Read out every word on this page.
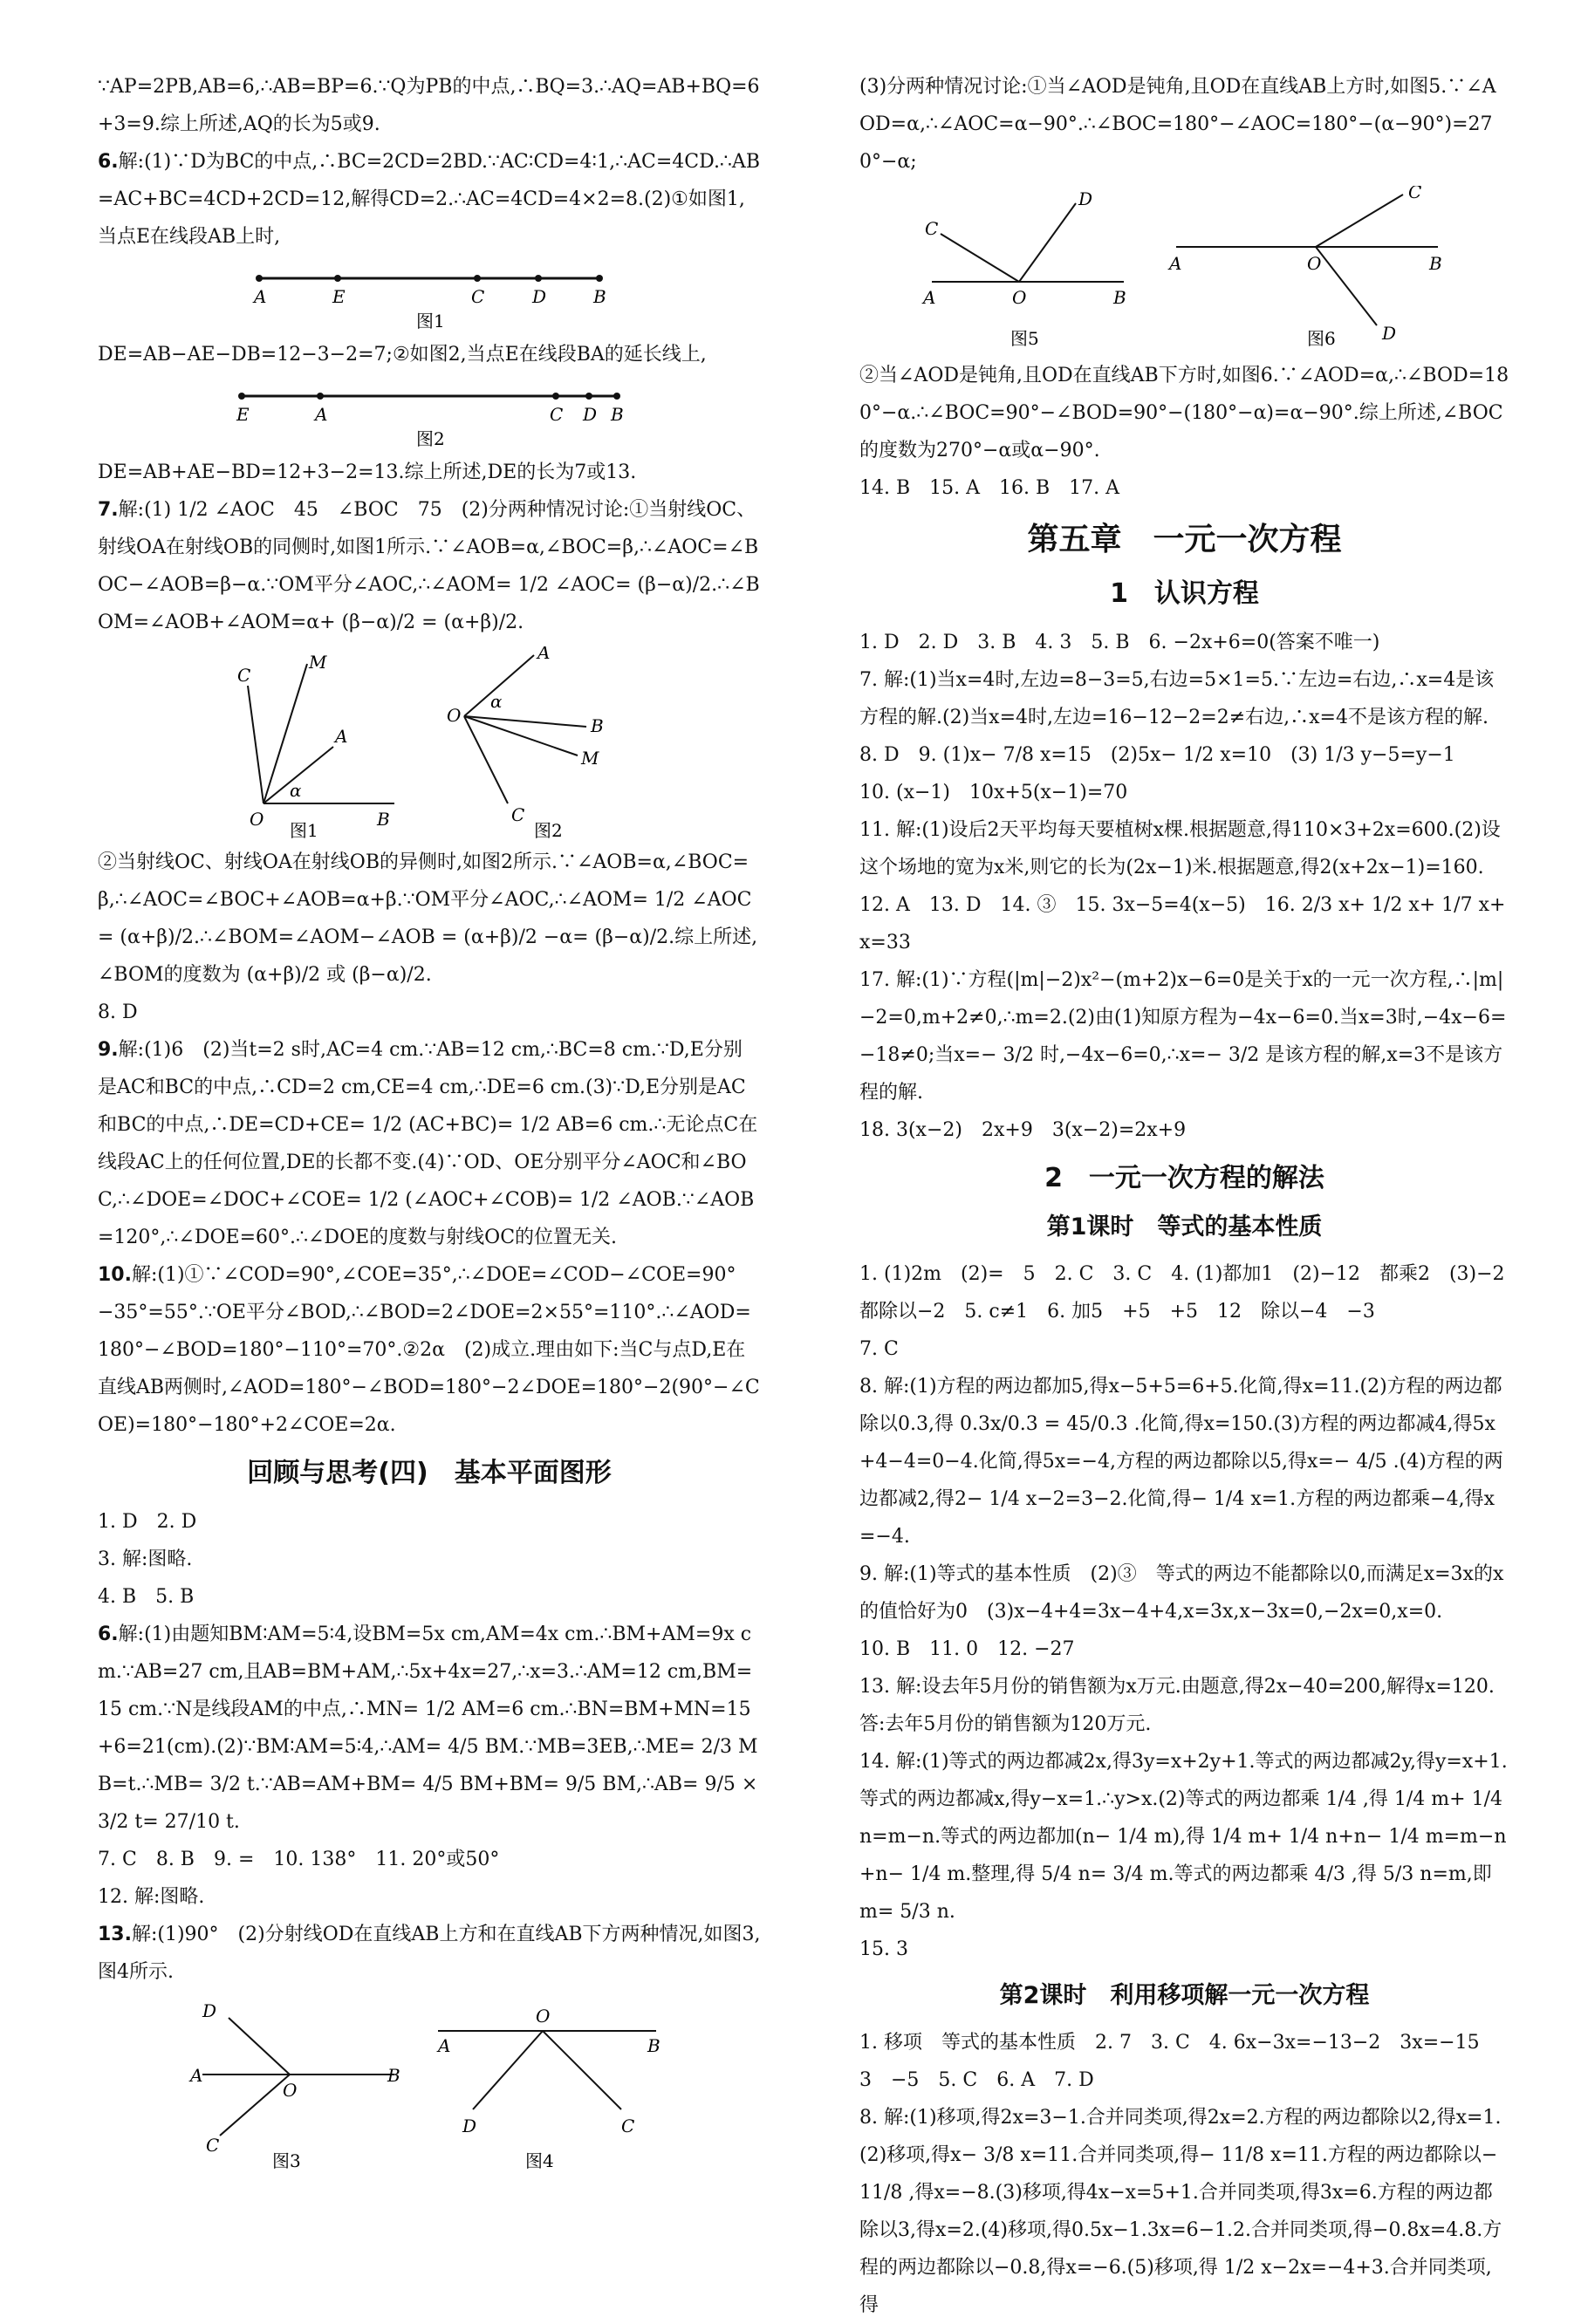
∵AP=2PB,AB=6,∴AB=BP=6.∵Q为PB的中点,∴BQ=3.∴AQ=AB+BQ=6+3=9.综上所述,AQ的长为5或9.

6.解:(1)∵D为BC的中点,∴BC=2CD=2BD.∵AC∶CD=4∶1,∴AC=4CD.∴AB=AC+BC=4CD+2CD=12,解得CD=2.∴AC=4CD=4×2=8.(2)①如图1,当点E在线段AB上时,

A	E	C	D	B
图1

DE=AB−AE−DB=12−3−2=7;②如图2,当点E在线段BA的延长线上,

E	A	C D B
图2

DE=AB+AE−BD=12+3−2=13.综上所述,DE的长为7或13.

7.解:(1) 1/2 ∠AOC　45　∠BOC　75　(2)分两种情况讨论:①当射线OC、射线OA在射线OB的同侧时,如图1所示.∵∠AOB=α,∠BOC=β,∴∠AOC=∠BOC−∠AOB=β−α.∵OM平分∠AOC,∴∠AOM= 1/2 ∠AOC= (β−α)/2.∴∠BOM=∠AOB+∠AOM=α+ (β−α)/2 = (α+β)/2.

O	B
A
M
C
α
图1
O
A
B
M
C
α
图2

②当射线OC、射线OA在射线OB的异侧时,如图2所示.∵∠AOB=α,∠BOC=β,∴∠AOC=∠BOC+∠AOB=α+β.∵OM平分∠AOC,∴∠AOM= 1/2 ∠AOC= (α+β)/2.∴∠BOM=∠AOM−∠AOB = (α+β)/2 −α= (β−α)/2.综上所述,∠BOM的度数为 (α+β)/2 或 (β−α)/2.

8. D

9.解:(1)6　(2)当t=2 s时,AC=4 cm.∵AB=12 cm,∴BC=8 cm.∵D,E分别是AC和BC的中点,∴CD=2 cm,CE=4 cm,∴DE=6 cm.(3)∵D,E分别是AC和BC的中点,∴DE=CD+CE= 1/2 (AC+BC)= 1/2 AB=6 cm.∴无论点C在线段AC上的任何位置,DE的长都不变.(4)∵OD、OE分别平分∠AOC和∠BOC,∴∠DOE=∠DOC+∠COE= 1/2 (∠AOC+∠COB)= 1/2 ∠AOB.∵∠AOB=120°,∴∠DOE=60°.∴∠DOE的度数与射线OC的位置无关.

10.解:(1)①∵∠COD=90°,∠COE=35°,∴∠DOE=∠COD−∠COE=90°−35°=55°.∵OE平分∠BOD,∴∠BOD=2∠DOE=2×55°=110°.∴∠AOD=180°−∠BOD=180°−110°=70°.②2α　(2)成立.理由如下:当C与点D,E在直线AB两侧时,∠AOD=180°−∠BOD=180°−2∠DOE=180°−2(90°−∠COE)=180°−180°+2∠COE=2α.

回顾与思考(四)　基本平面图形

1. D　2. D

3. 解:图略.

4. B　5. B

6.解:(1)由题知BM∶AM=5∶4,设BM=5x cm,AM=4x cm.∴BM+AM=9x cm.∵AB=27 cm,且AB=BM+AM,∴5x+4x=27,∴x=3.∴AM=12 cm,BM=15 cm.∵N是线段AM的中点,∴MN= 1/2 AM=6 cm.∴BN=BM+MN=15+6=21(cm).(2)∵BM∶AM=5∶4,∴AM= 4/5 BM.∵MB=3EB,∴ME= 2/3 MB=t.∴MB= 3/2 t.∵AB=AM+BM= 4/5 BM+BM= 9/5 BM,∴AB= 9/5 × 3/2 t= 27/10 t.

7. C　8. B　9. =　10. 138°　11. 20°或50°

12. 解:图略.

13.解:(1)90°　(2)分射线OD在直线AB上方和在直线AB下方两种情况,如图3,图4所示.

D
A
O
B
C
图3
O
A	B
D	C
图4

(3)分两种情况讨论:①当∠AOD是钝角,且OD在直线AB上方时,如图5.∵∠AOD=α,∴∠AOC=α−90°.∴∠BOC=180°−∠AOC=180°−(α−90°)=270°−α;

A	O	B
D
C
图5
A	O	B
C
D
图6

②当∠AOD是钝角,且OD在直线AB下方时,如图6.∵∠AOD=α,∴∠BOD=180°−α.∴∠BOC=90°−∠BOD=90°−(180°−α)=α−90°.综上所述,∠BOC的度数为270°−α或α−90°.

14. B　15. A　16. B　17. A

第五章　一元一次方程
1　认识方程

1. D　2. D　3. B　4. 3　5. B　6. −2x+6=0(答案不唯一)

7. 解:(1)当x=4时,左边=8−3=5,右边=5×1=5.∵左边=右边,∴x=4是该方程的解.(2)当x=4时,左边=16−12−2=2≠右边,∴x=4不是该方程的解.

8. D　9. (1)x− 7/8 x=15　(2)5x− 1/2 x=10　(3) 1/3 y−5=y−1

10. (x−1)　10x+5(x−1)=70

11. 解:(1)设后2天平均每天要植树x棵.根据题意,得110×3+2x=600.(2)设这个场地的宽为x米,则它的长为(2x−1)米.根据题意,得2(x+2x−1)=160.

12. A　13. D　14. ③　15. 3x−5=4(x−5)　16. 2/3 x+ 1/2 x+ 1/7 x+x=33

17. 解:(1)∵方程(|m|−2)x²−(m+2)x−6=0是关于x的一元一次方程,∴|m|−2=0,m+2≠0,∴m=2.(2)由(1)知原方程为−4x−6=0.当x=3时,−4x−6=−18≠0;当x=− 3/2 时,−4x−6=0,∴x=− 3/2 是该方程的解,x=3不是该方程的解.

18. 3(x−2)　2x+9　3(x−2)=2x+9

2　一元一次方程的解法
第1课时　等式的基本性质

1. (1)2m　(2)=　5　2. C　3. C　4. (1)都加1　(2)−12　都乘2　(3)−2　都除以−2　5. c≠1　6. 加5　+5　+5　12　除以−4　−3

7. C

8. 解:(1)方程的两边都加5,得x−5+5=6+5.化简,得x=11.(2)方程的两边都除以0.3,得 0.3x/0.3 = 45/0.3 .化简,得x=150.(3)方程的两边都减4,得5x+4−4=0−4.化简,得5x=−4,方程的两边都除以5,得x=− 4/5 .(4)方程的两边都减2,得2− 1/4 x−2=3−2.化简,得− 1/4 x=1.方程的两边都乘−4,得x=−4.

9. 解:(1)等式的基本性质　(2)③　等式的两边不能都除以0,而满足x=3x的x的值恰好为0　(3)x−4+4=3x−4+4,x=3x,x−3x=0,−2x=0,x=0.

10. B　11. 0　12. −27

13. 解:设去年5月份的销售额为x万元.由题意,得2x−40=200,解得x=120.答:去年5月份的销售额为120万元.

14. 解:(1)等式的两边都减2x,得3y=x+2y+1.等式的两边都减2y,得y=x+1.等式的两边都减x,得y−x=1.∴y>x.(2)等式的两边都乘 1/4 ,得 1/4 m+ 1/4 n=m−n.等式的两边都加(n− 1/4 m),得 1/4 m+ 1/4 n+n− 1/4 m=m−n+n− 1/4 m.整理,得 5/4 n= 3/4 m.等式的两边都乘 4/3 ,得 5/3 n=m,即m= 5/3 n.

15. 3

第2课时　利用移项解一元一次方程

1. 移项　等式的基本性质　2. 7　3. C　4. 6x−3x=−13−2　3x=−15　3　−5　5. C　6. A　7. D

8. 解:(1)移项,得2x=3−1.合并同类项,得2x=2.方程的两边都除以2,得x=1.(2)移项,得x− 3/8 x=11.合并同类项,得− 11/8 x=11.方程的两边都除以− 11/8 ,得x=−8.(3)移项,得4x−x=5+1.合并同类项,得3x=6.方程的两边都除以3,得x=2.(4)移项,得0.5x−1.3x=6−1.2.合并同类项,得−0.8x=4.8.方程的两边都除以−0.8,得x=−6.(5)移项,得 1/2 x−2x=−4+3.合并同类项,得
